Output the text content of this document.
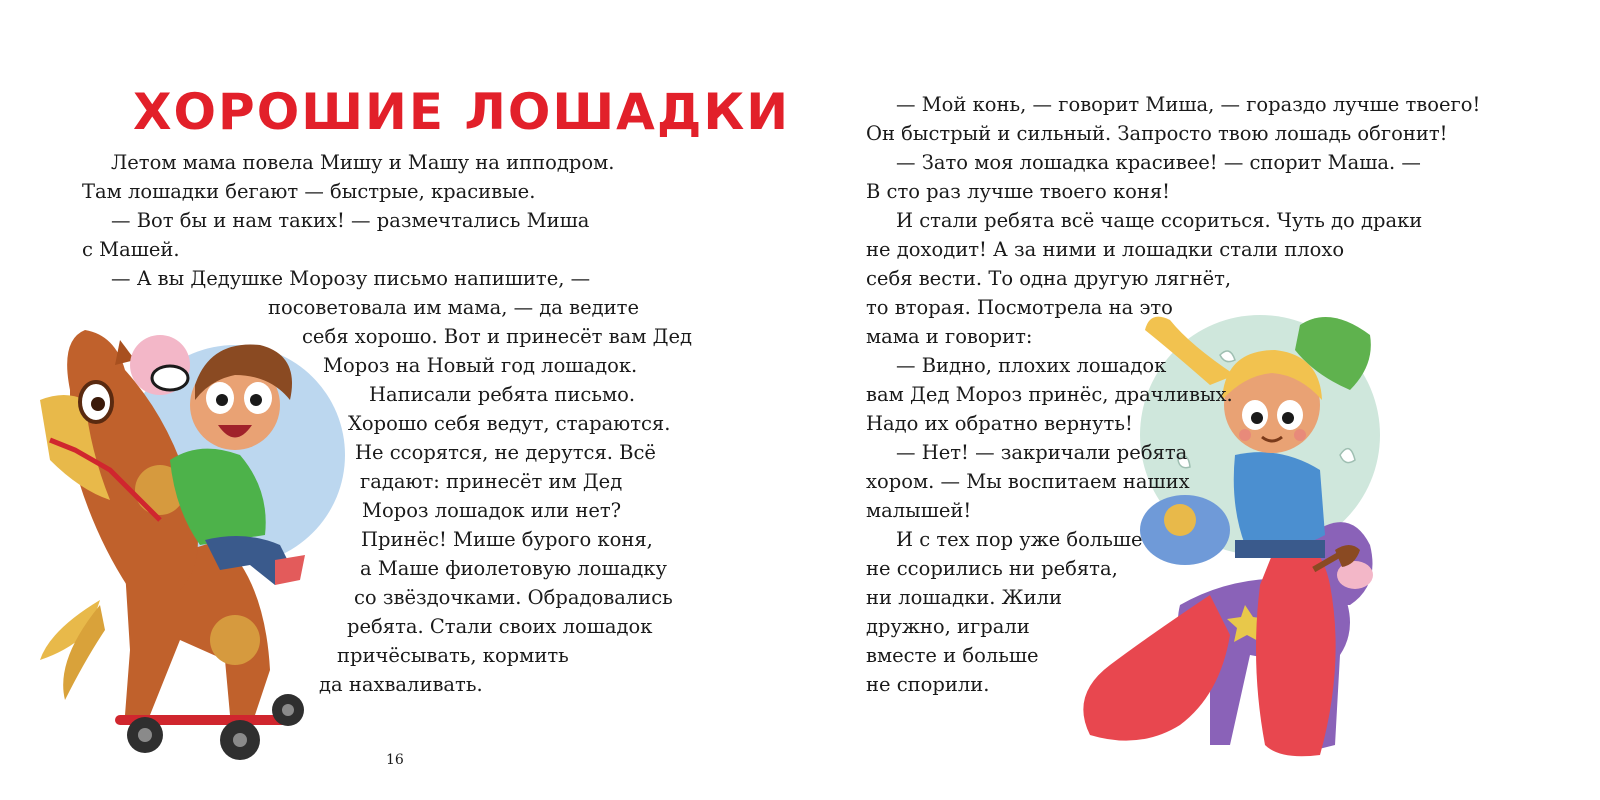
ХОРОШИЕ ЛОШАДКИ
Летом мама повела Мишу и Машу на ипподром.
Там лошадки бегают — быстрые, красивые.
— Вот бы и нам таких! — размечтались Миша
с Машей.
— А вы Дедушке Морозу письмо напишите, —
посоветовала им мама, — да ведите
себя хорошо. Вот и принесёт вам Дед
Мороз на Новый год лошадок.
Написали ребята письмо.
Хорошо себя ведут, стараются.
Не ссорятся, не дерутся. Всё
гадают: принесёт им Дед
Мороз лошадок или нет?
Принёс! Мише бурого коня,
а Маше фиолетовую лошадку
со звёздочками. Обрадовались
ребята. Стали своих лошадок
причёсывать, кормить
да нахваливать.
16
— Мой конь, — говорит Миша, — гораздо лучше твоего!
Он быстрый и сильный. Запросто твою лошадь обгонит!
— Зато моя лошадка красивее! — спорит Маша. —
В сто раз лучше твоего коня!
И стали ребята всё чаще ссориться. Чуть до драки
не доходит! А за ними и лошадки стали плохо
себя вести. То одна другую лягнёт,
то вторая. Посмотрела на это
мама и говорит:
— Видно, плохих лошадок
вам Дед Мороз принёс, драчливых.
Надо их обратно вернуть!
— Нет! — закричали ребята
хором. — Мы воспитаем наших
малышей!
И с тех пор уже больше
не ссорились ни ребята,
ни лошадки. Жили
дружно, играли
вместе и больше
не спорили.
